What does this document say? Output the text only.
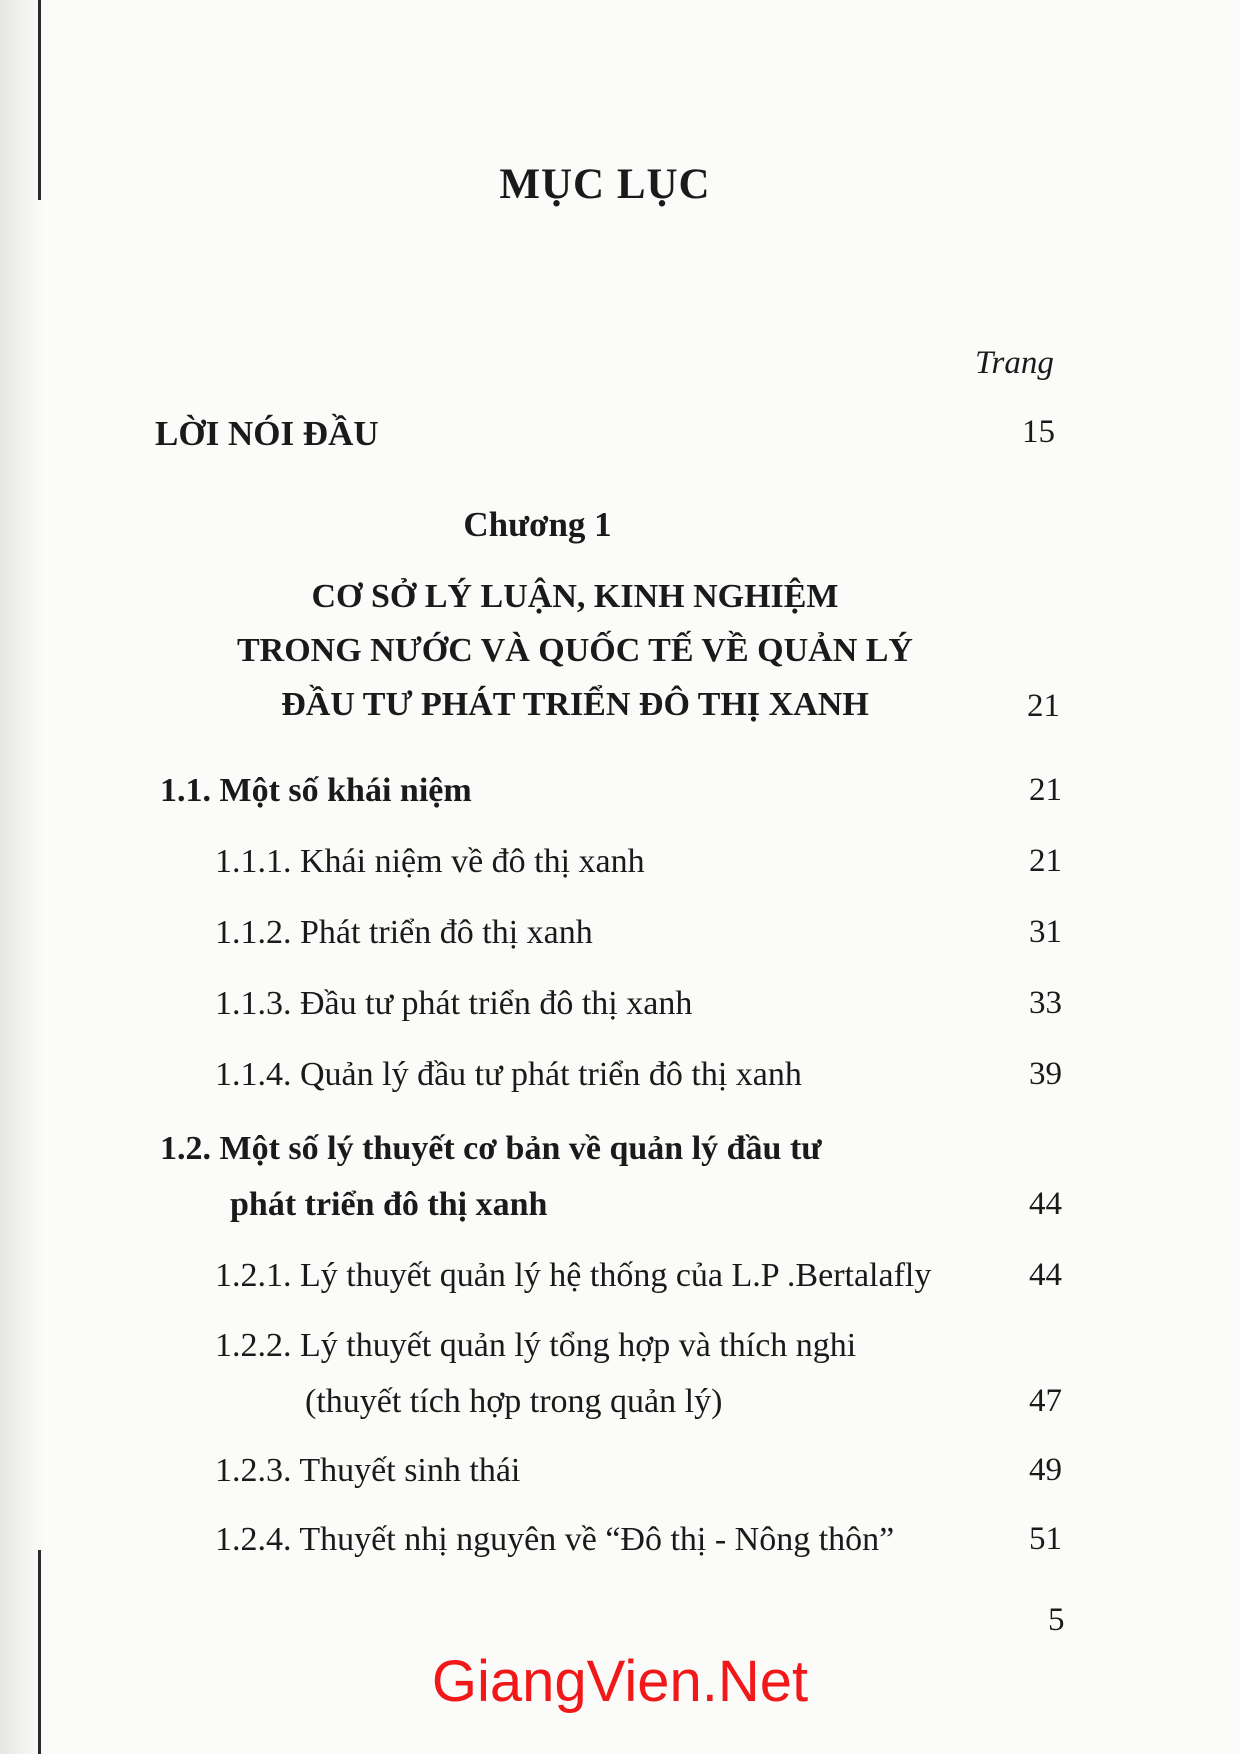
MỤC LỤC
Trang
LỜI NÓI ĐẦU	15
Chương 1
CƠ SỞ LÝ LUẬN, KINH NGHIỆM
TRONG NƯỚC VÀ QUỐC TẾ VỀ QUẢN LÝ
ĐẦU TƯ PHÁT TRIỂN ĐÔ THỊ XANH	21
1.1. Một số khái niệm	21
1.1.1. Khái niệm về đô thị xanh	21
1.1.2. Phát triển đô thị xanh	31
1.1.3. Đầu tư phát triển đô thị xanh	33
1.1.4. Quản lý đầu tư phát triển đô thị xanh	39
1.2. Một số lý thuyết cơ bản về quản lý đầu tư
phát triển đô thị xanh	44
1.2.1. Lý thuyết quản lý hệ thống của L.P .Bertalafly	44
1.2.2. Lý thuyết quản lý tổng hợp và thích nghi
(thuyết tích hợp trong quản lý)	47
1.2.3. Thuyết sinh thái	49
1.2.4. Thuyết nhị nguyên về “Đô thị - Nông thôn”	51
5
GiangVien.Net
